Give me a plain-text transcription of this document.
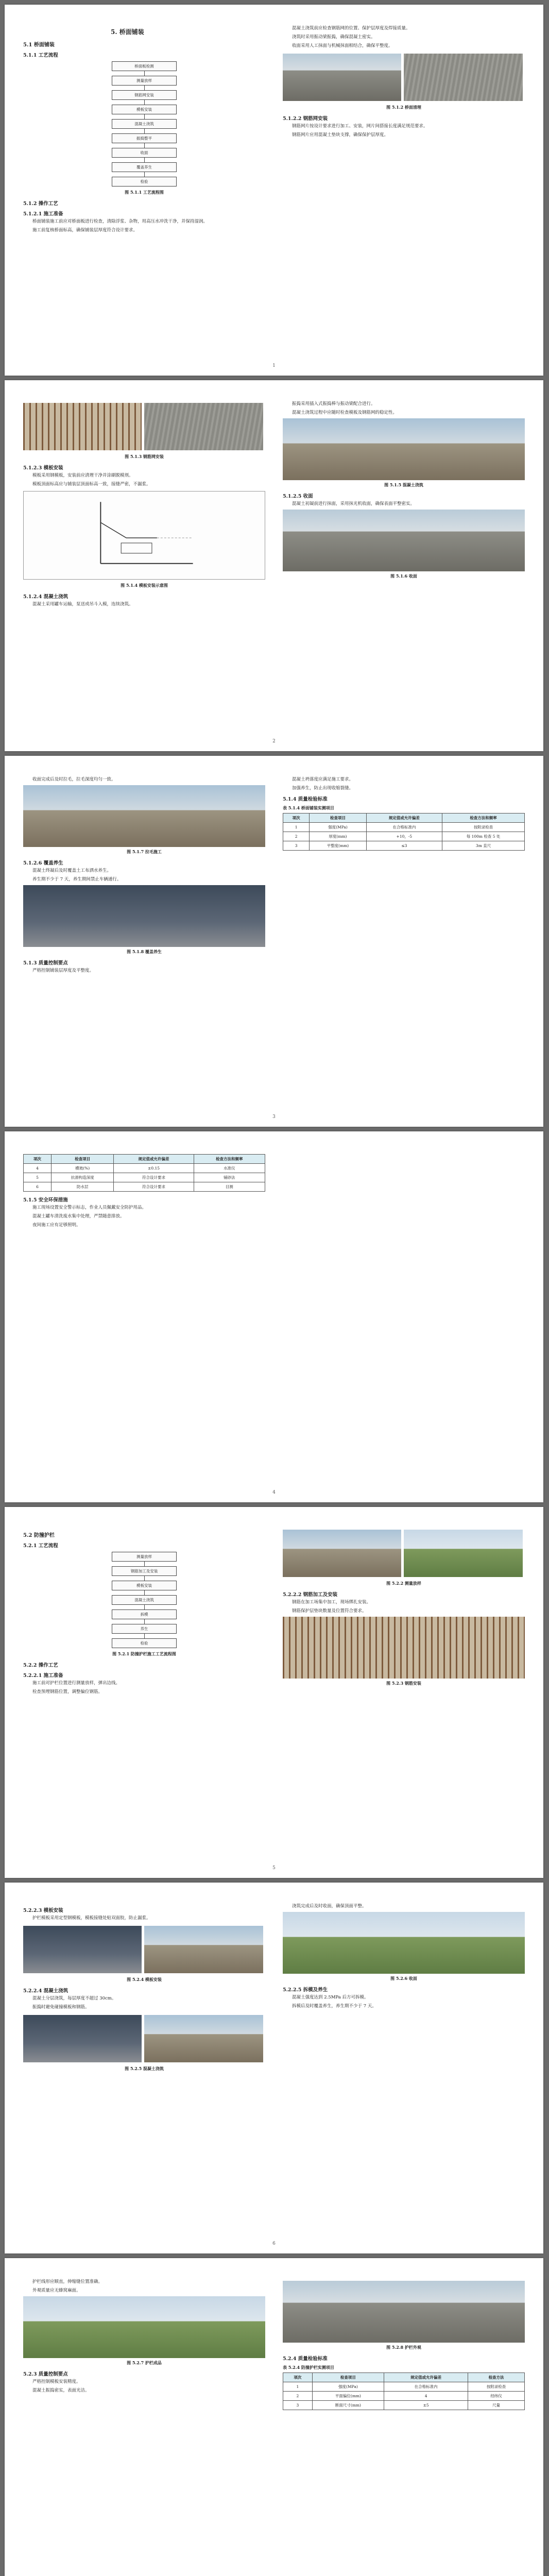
5. 桥面铺装
5.1 桥面铺装
5.1.1 工艺流程
桥面板检测
测量放样
钢筋网安装
模板安装
混凝土浇筑
振捣整平
收面
覆盖养生
检验
图 5.1.1 工艺流程图
5.1.2 操作工艺
5.1.2.1 施工准备

桥面铺装施工前应对桥面板进行检查，清除浮浆、杂物，用高压水冲洗干净，并保持湿润。

施工前复核桥面标高，确保铺装层厚度符合设计要求。

混凝土浇筑前应检查钢筋网的位置、保护层厚度及焊接质量。

浇筑时采用振动梁振捣，确保混凝土密实。

收面采用人工抹面与机械抹面相结合，确保平整度。

图 5.1.2 桥面清理
5.1.2.2 钢筋网安装

钢筋网片按设计要求进行加工、安装，网片间搭接长度满足规范要求。

钢筋网片应用混凝土垫块支撑，确保保护层厚度。

1

图 5.1.3 钢筋网安装
5.1.2.3 模板安装

模板采用钢模板，安装前应清理干净并涂刷脱模剂。

模板顶面标高应与铺装层顶面标高一致，接缝严密，不漏浆。

图 5.1.4 模板安装示意图
5.1.2.4 混凝土浇筑

混凝土采用罐车运输，泵送或吊斗入模，连续浇筑。

振捣采用插入式振捣棒与振动梁配合进行。

混凝土浇筑过程中应随时检查模板及钢筋网的稳定性。

图 5.1.5 混凝土浇筑
5.1.2.5 收面

混凝土初凝前进行抹面，采用抹光机收面，确保表面平整密实。

图 5.1.6 收面
2

收面完成后及时拉毛，拉毛深度均匀一致。

图 5.1.7 拉毛施工
5.1.2.6 覆盖养生

混凝土终凝后及时覆盖土工布洒水养生。

养生期不少于 7 天，养生期间禁止车辆通行。

图 5.1.8 覆盖养生
5.1.3 质量控制要点

严格控制铺装层厚度及平整度。

混凝土坍落度应满足施工要求。

加强养生，防止出现收缩裂缝。

5.1.4 质量检验标准
表 5.1.4 桥面铺装实测项目
项次	检查项目	规定值或允许偏差	检查方法和频率
1	强度(MPa)	在合格标准内	按附录检查
2	厚度(mm)	+10，-5	每 100m 检查 5 处
3	平整度(mm)	≤3	3m 直尺
3
项次	检查项目	规定值或允许偏差	检查方法和频率
4	横坡(%)	±0.15	水准仪
5	抗滑构造深度	符合设计要求	铺砂法
6	防水层	符合设计要求	目测
5.1.5 安全环保措施

施工现场设置安全警示标志，作业人员佩戴安全防护用品。

混凝土罐车清洗废水集中处理，严禁随意排放。

夜间施工应有足够照明。

4
5.2 防撞护栏
5.2.1 工艺流程
测量放样
钢筋加工及安装
模板安装
混凝土浇筑
拆模
养生
检验
图 5.2.1 防撞护栏施工工艺流程图
5.2.2 操作工艺
5.2.2.1 施工准备

施工前对护栏位置进行测量放样，弹出边线。

检查预埋钢筋位置，调整偏位钢筋。

图 5.2.2 测量放样
5.2.2.2 钢筋加工及安装

钢筋在加工场集中加工，现场绑扎安装。

钢筋保护层垫块数量及位置符合要求。

图 5.2.3 钢筋安装
5
5.2.2.3 模板安装

护栏模板采用定型钢模板，模板接缝处贴双面胶，防止漏浆。

图 5.2.4 模板安装
5.2.2.4 混凝土浇筑

混凝土分层浇筑，每层厚度不超过 30cm。

振捣时避免碰撞模板和钢筋。

图 5.2.5 混凝土浇筑

浇筑完成后及时收面，确保顶面平整。

图 5.2.6 收面
5.2.2.5 拆模及养生

混凝土强度达到 2.5MPa 后方可拆模。

拆模后及时覆盖养生，养生期不少于 7 天。

6

护栏线形应顺直，伸缩缝位置准确。

外观质量应无蜂窝麻面。

图 5.2.7 护栏成品
5.2.3 质量控制要点

严格控制模板安装精度。

混凝土振捣密实，表面光洁。

图 5.2.8 护栏外观
5.2.4 质量检验标准
表 5.2.4 防撞护栏实测项目
项次	检查项目	规定值或允许偏差	检查方法
1	强度(MPa)	在合格标准内	按附录检查
2	平面偏位(mm)	4	经纬仪
3	断面尺寸(mm)	±5	尺量
